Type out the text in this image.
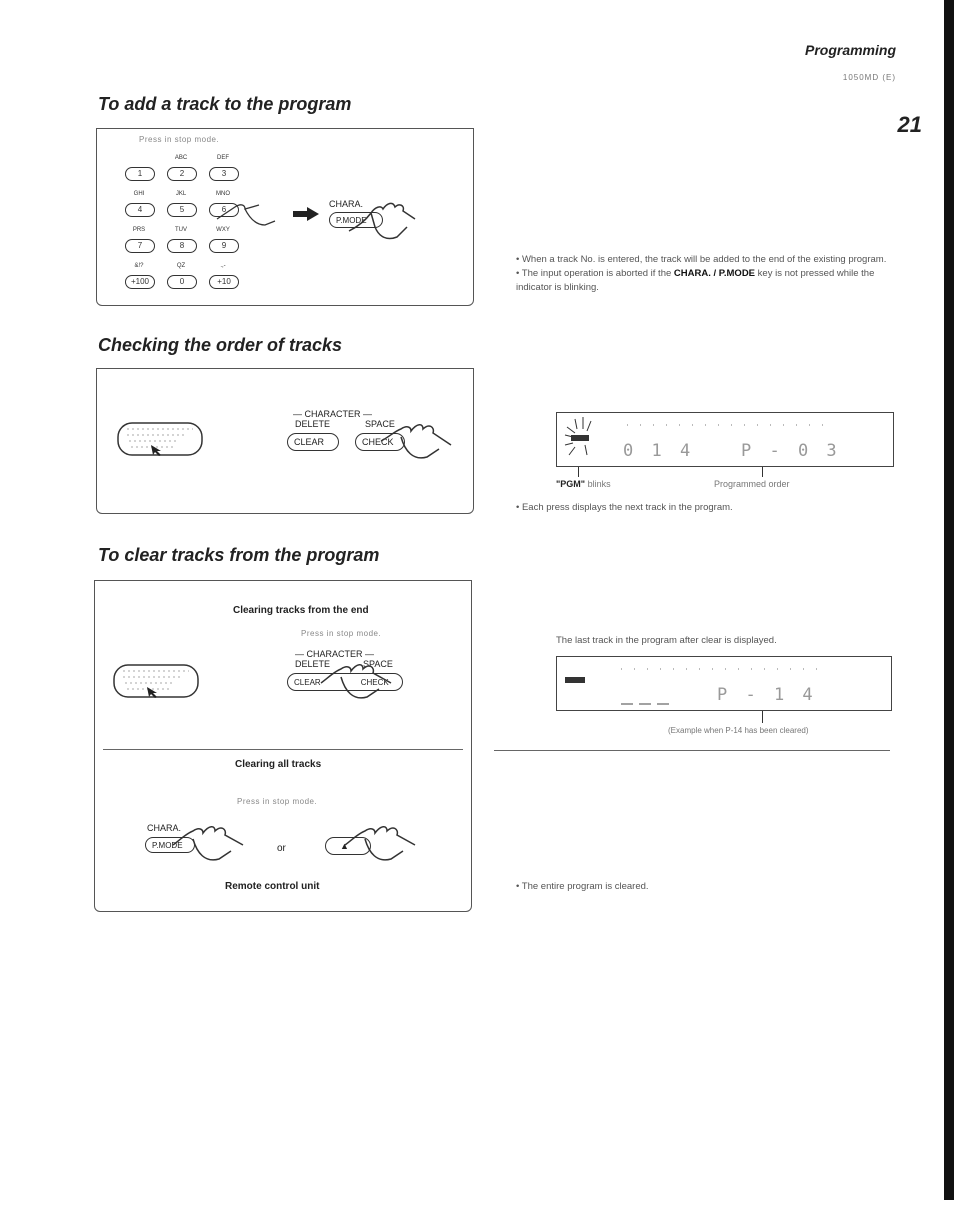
Programming
1050MD (E)
21
To add a track to the program
Press in stop mode.
1
ABC
2
DEF
3
GHI
4
JKL
5
MNO
6
PRS
7
TUV
8
WXY
9
&!?
+100
QZ
0
.,-
+10
CHARA.
P.MODE
• When a track No. is entered, the track will be added to the end of the existing program.
• The input operation is aborted if the CHARA. / P.MODE key is not pressed while the indicator is blinking.
Checking the order of tracks
— CHARACTER —
DELETE	SPACE
CLEAR	CHECK	0 1 4	P - 0 3
"PGM" blinks	Programmed order
• Each press displays the next track in the program.
To clear tracks from the program
Clearing tracks from the end
Press in stop mode.
— CHARACTER —
DELETE	SPACE
CLEAR	CHECK
Clearing all tracks
Press in stop mode.
CHARA.
P.MODE	or	▲
Remote control unit
The last track in the program after clear is displayed.
P - 1 4
(Example when P-14 has been cleared)
• The entire program is cleared.
